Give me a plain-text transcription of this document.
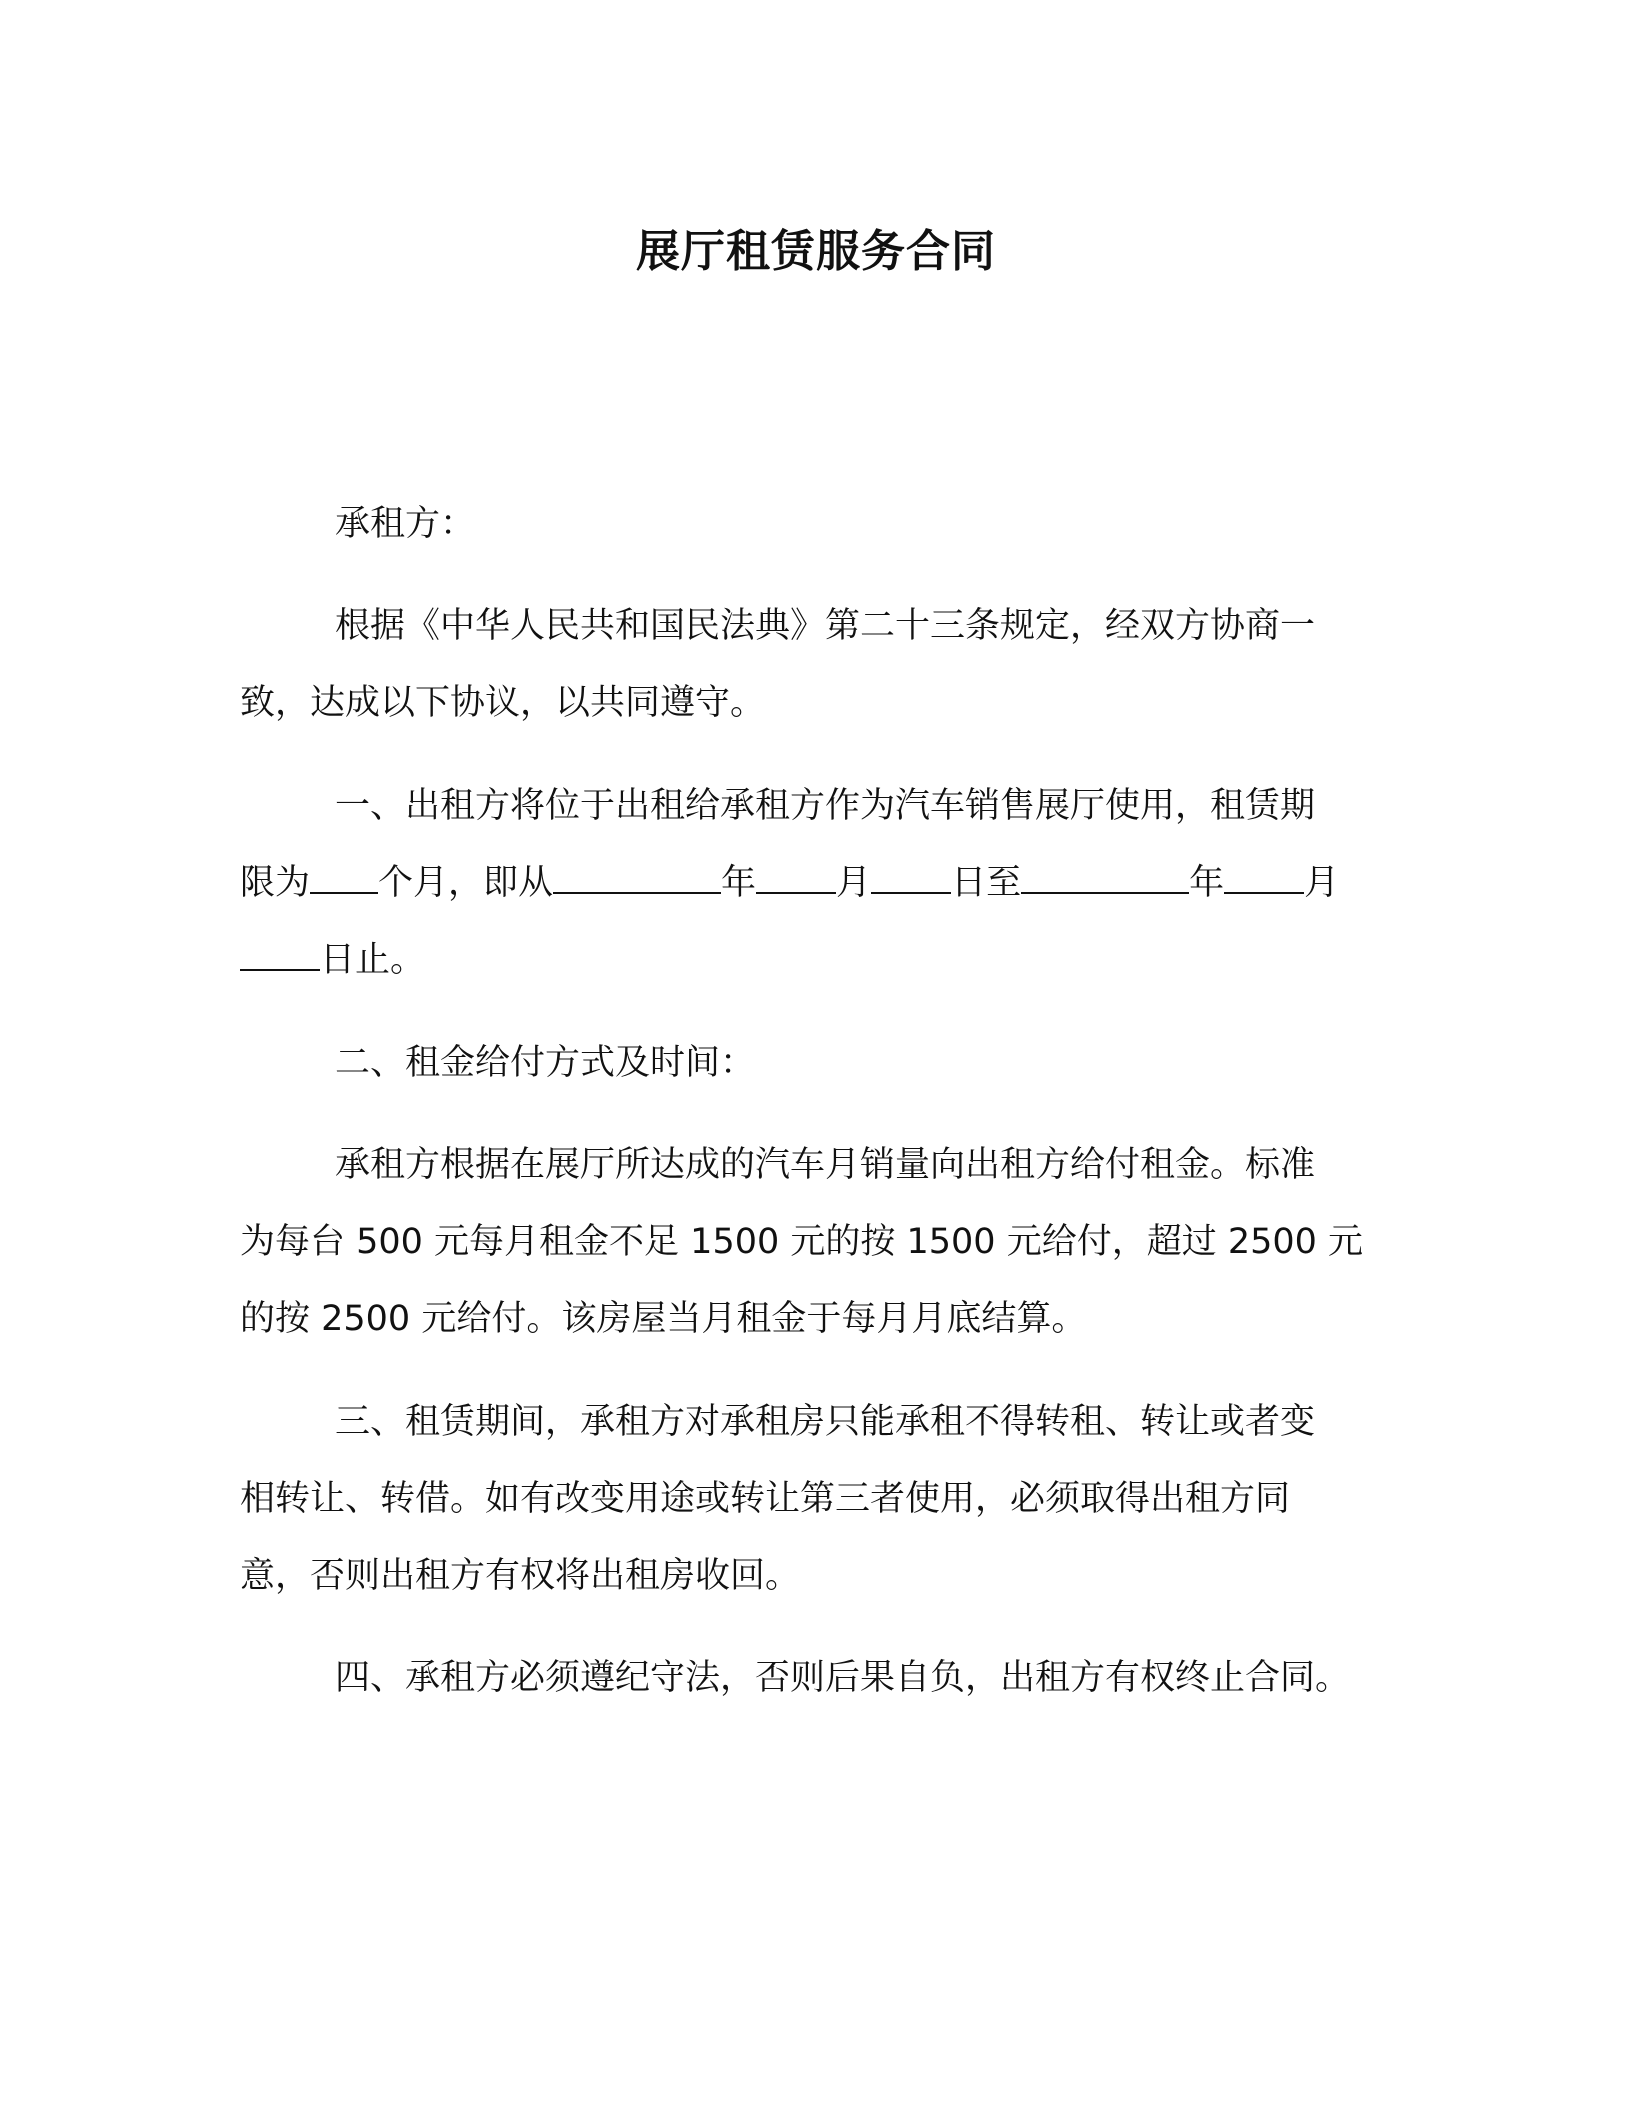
展厅租赁服务合同
承租方：
根据《中华人民共和国民法典》第二十三条规定，经双方协商一
致，达成以下协议，以共同遵守。
一、出租方将位于出租给承租方作为汽车销售展厅使用，租赁期
限为 个月，即从	年 月 日至	年 月
日止。
二、租金给付方式及时间：
承租方根据在展厅所达成的汽车月销量向出租方给付租金。标准
为每台 500 元每月租金不足 1500 元的按 1500 元给付，超过 2500 元
的按 2500 元给付。该房屋当月租金于每月月底结算。
三、租赁期间，承租方对承租房只能承租不得转租、转让或者变
相转让、转借。如有改变用途或转让第三者使用，必须取得出租方同
意，否则出租方有权将出租房收回。
四、承租方必须遵纪守法，否则后果自负，出租方有权终止合同。
